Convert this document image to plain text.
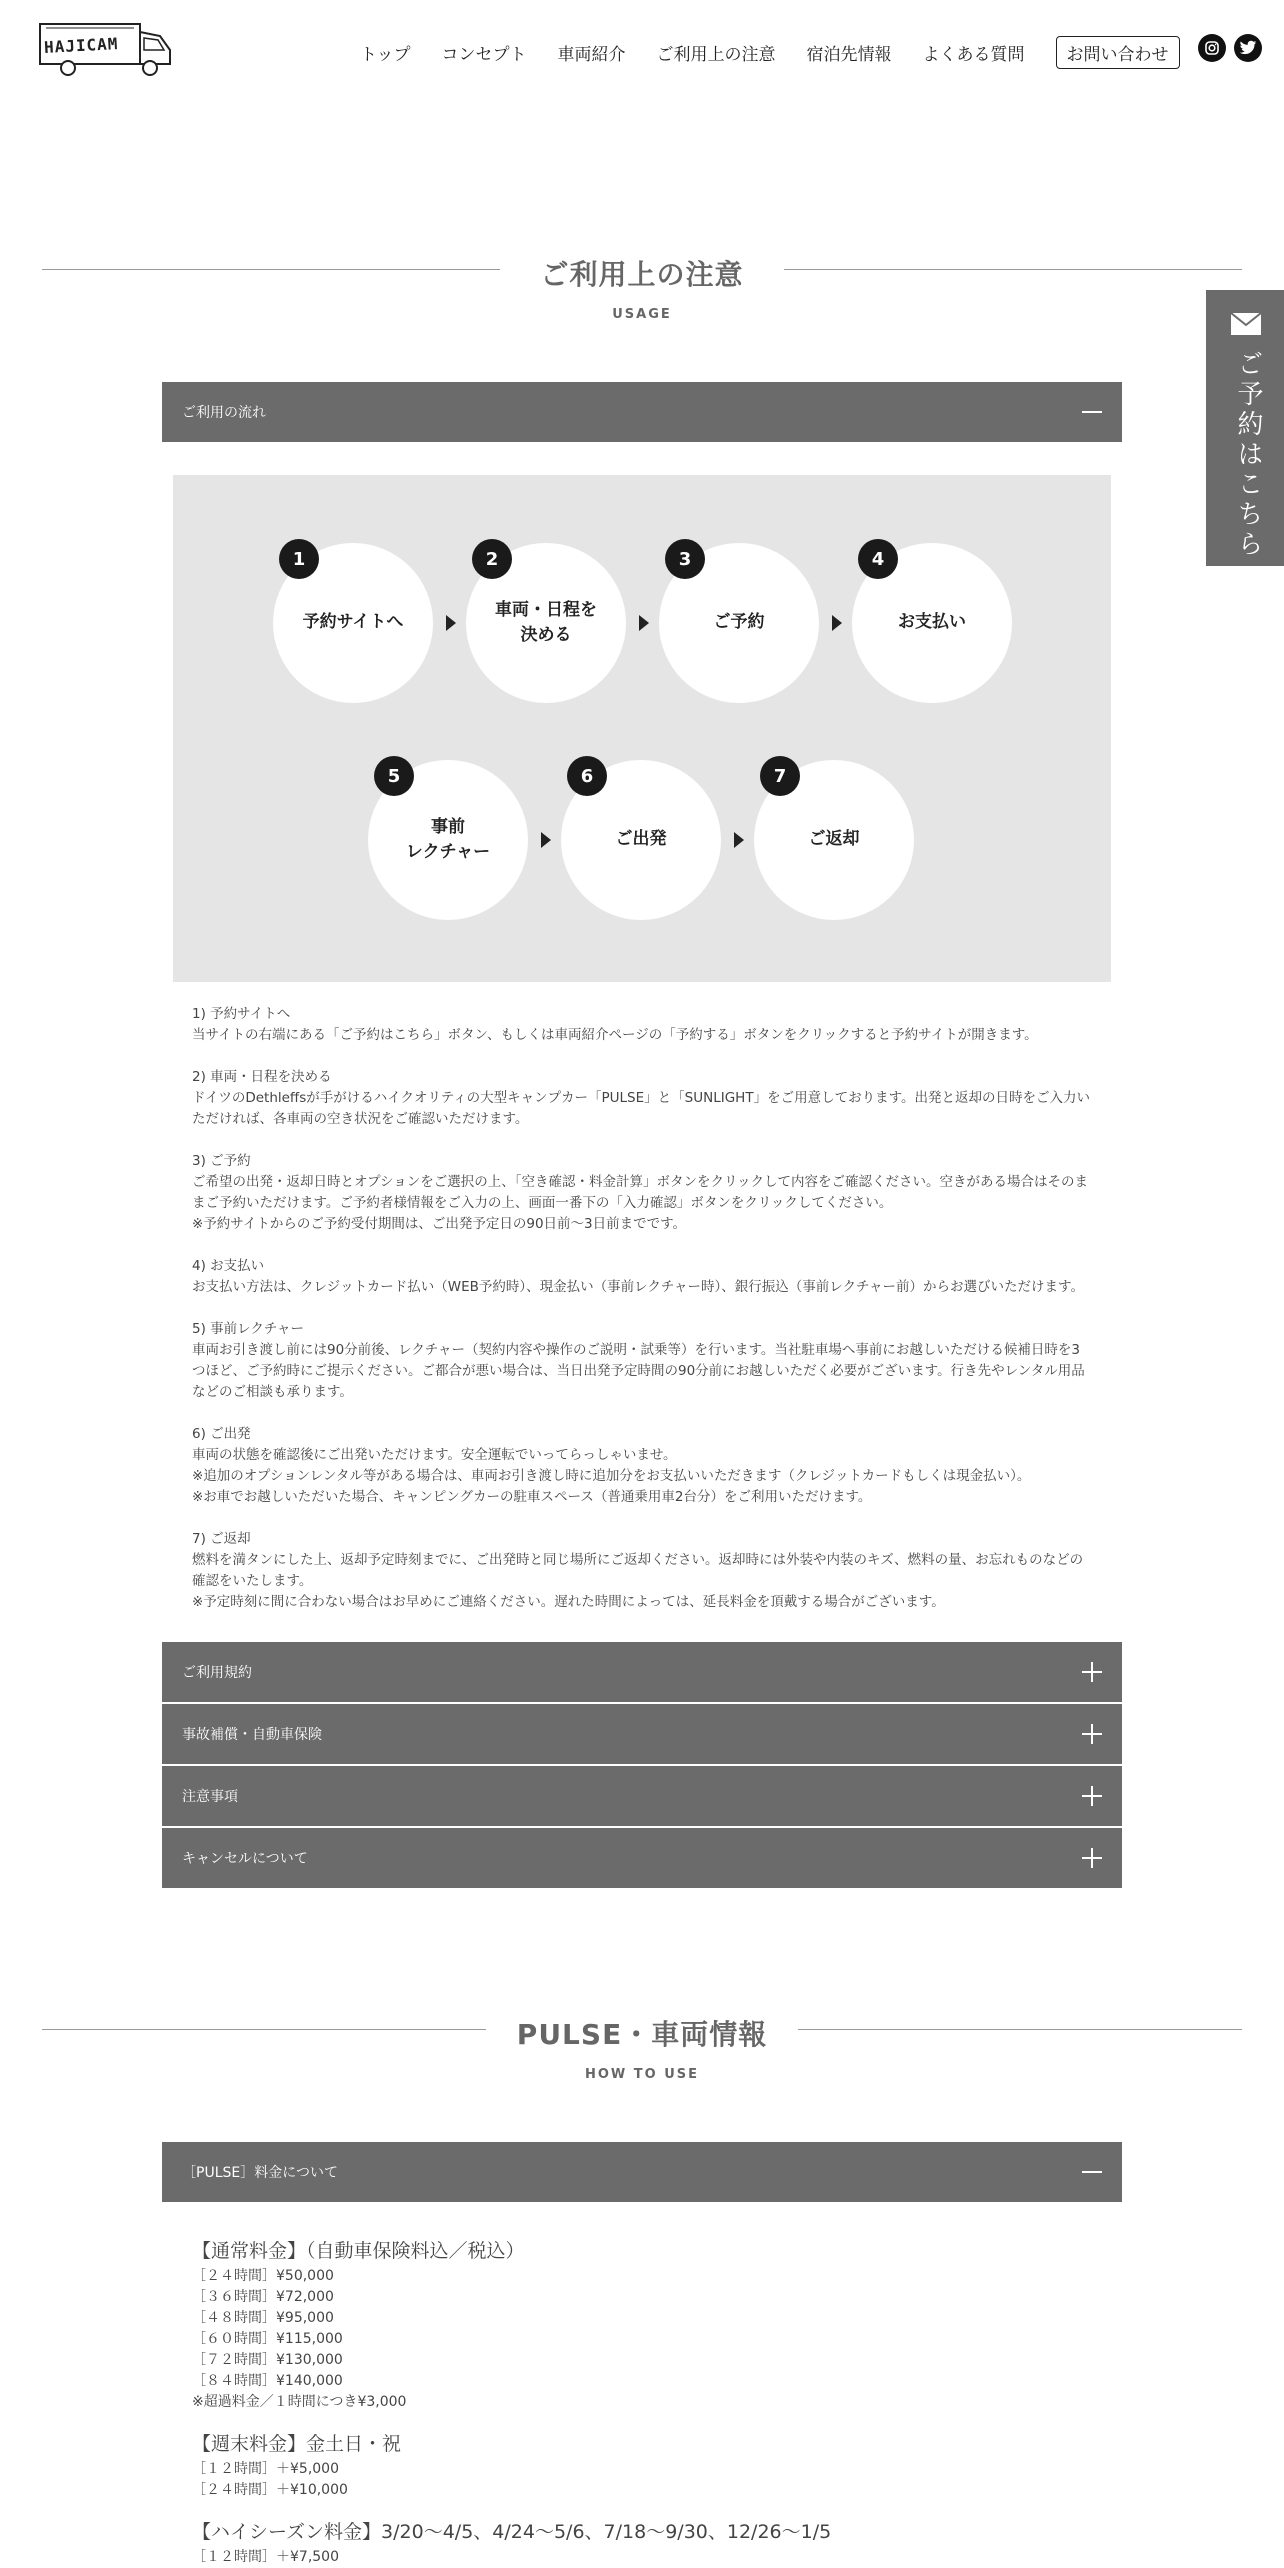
HAJICAM	トップ コンセプト 車両紹介 ご利用上の注意 宿泊先情報 よくある質問	お問い合わせ
ご予約はこちら
ご利用上の注意
USAGE
ご利用の流れ
予約サイトへ
1
車両・日程を
決める
2
ご予約
3
お支払い
4
事前
レクチャー
5
ご出発
6
ご返却
7

1) 予約サイトへ
当サイトの右端にある「ご予約はこちら」ボタン、もしくは車両紹介ページの「予約する」ボタンをクリックすると予約サイトが開きます。

2) 車両・日程を決める
ドイツのDethleffsが手がけるハイクオリティの大型キャンプカー「PULSE」と「SUNLIGHT」をご用意しております。出発と返却の日時をご入力いただければ、各車両の空き状況をご確認いただけます。

3) ご予約
ご希望の出発・返却日時とオプションをご選択の上、「空き確認・料金計算」ボタンをクリックして内容をご確認ください。空きがある場合はそのままご予約いただけます。ご予約者様情報をご入力の上、画面一番下の「入力確認」ボタンをクリックしてください。
※予約サイトからのご予約受付期間は、ご出発予定日の90日前〜3日前までです。

4) お支払い
お支払い方法は、クレジットカード払い（WEB予約時）、現金払い（事前レクチャー時）、銀行振込（事前レクチャー前）からお選びいただけます。

5) 事前レクチャー
車両お引き渡し前には90分前後、レクチャー（契約内容や操作のご説明・試乗等）を行います。当社駐車場へ事前にお越しいただける候補日時を3つほど、ご予約時にご提示ください。ご都合が悪い場合は、当日出発予定時間の90分前にお越しいただく必要がございます。行き先やレンタル用品などのご相談も承ります。

6) ご出発
車両の状態を確認後にご出発いただけます。安全運転でいってらっしゃいませ。
※追加のオプションレンタル等がある場合は、車両お引き渡し時に追加分をお支払いいただきます（クレジットカードもしくは現金払い）。
※お車でお越しいただいた場合、キャンピングカーの駐車スペース（普通乗用車2台分）をご利用いただけます。

7) ご返却
燃料を満タンにした上、返却予定時刻までに、ご出発時と同じ場所にご返却ください。返却時には外装や内装のキズ、燃料の量、お忘れものなどの確認をいたします。
※予定時刻に間に合わない場合はお早めにご連絡ください。遅れた時間によっては、延長料金を頂戴する場合がございます。

ご利用規約
事故補償・自動車保険
注意事項
キャンセルについて
PULSE・車両情報
HOW TO USE
［PULSE］料金について
【通常料金】（自動車保険料込／税込）
［２４時間］¥50,000
［３６時間］¥72,000
［４８時間］¥95,000
［６０時間］¥115,000
［７２時間］¥130,000
［８４時間］¥140,000
※超過料金／１時間につき¥3,000
【週末料金】金土日・祝
［１２時間］＋¥5,000
［２４時間］＋¥10,000
【ハイシーズン料金】3/20〜4/5、4/24〜5/6、7/18〜9/30、12/26〜1/5
［１２時間］＋¥7,500
